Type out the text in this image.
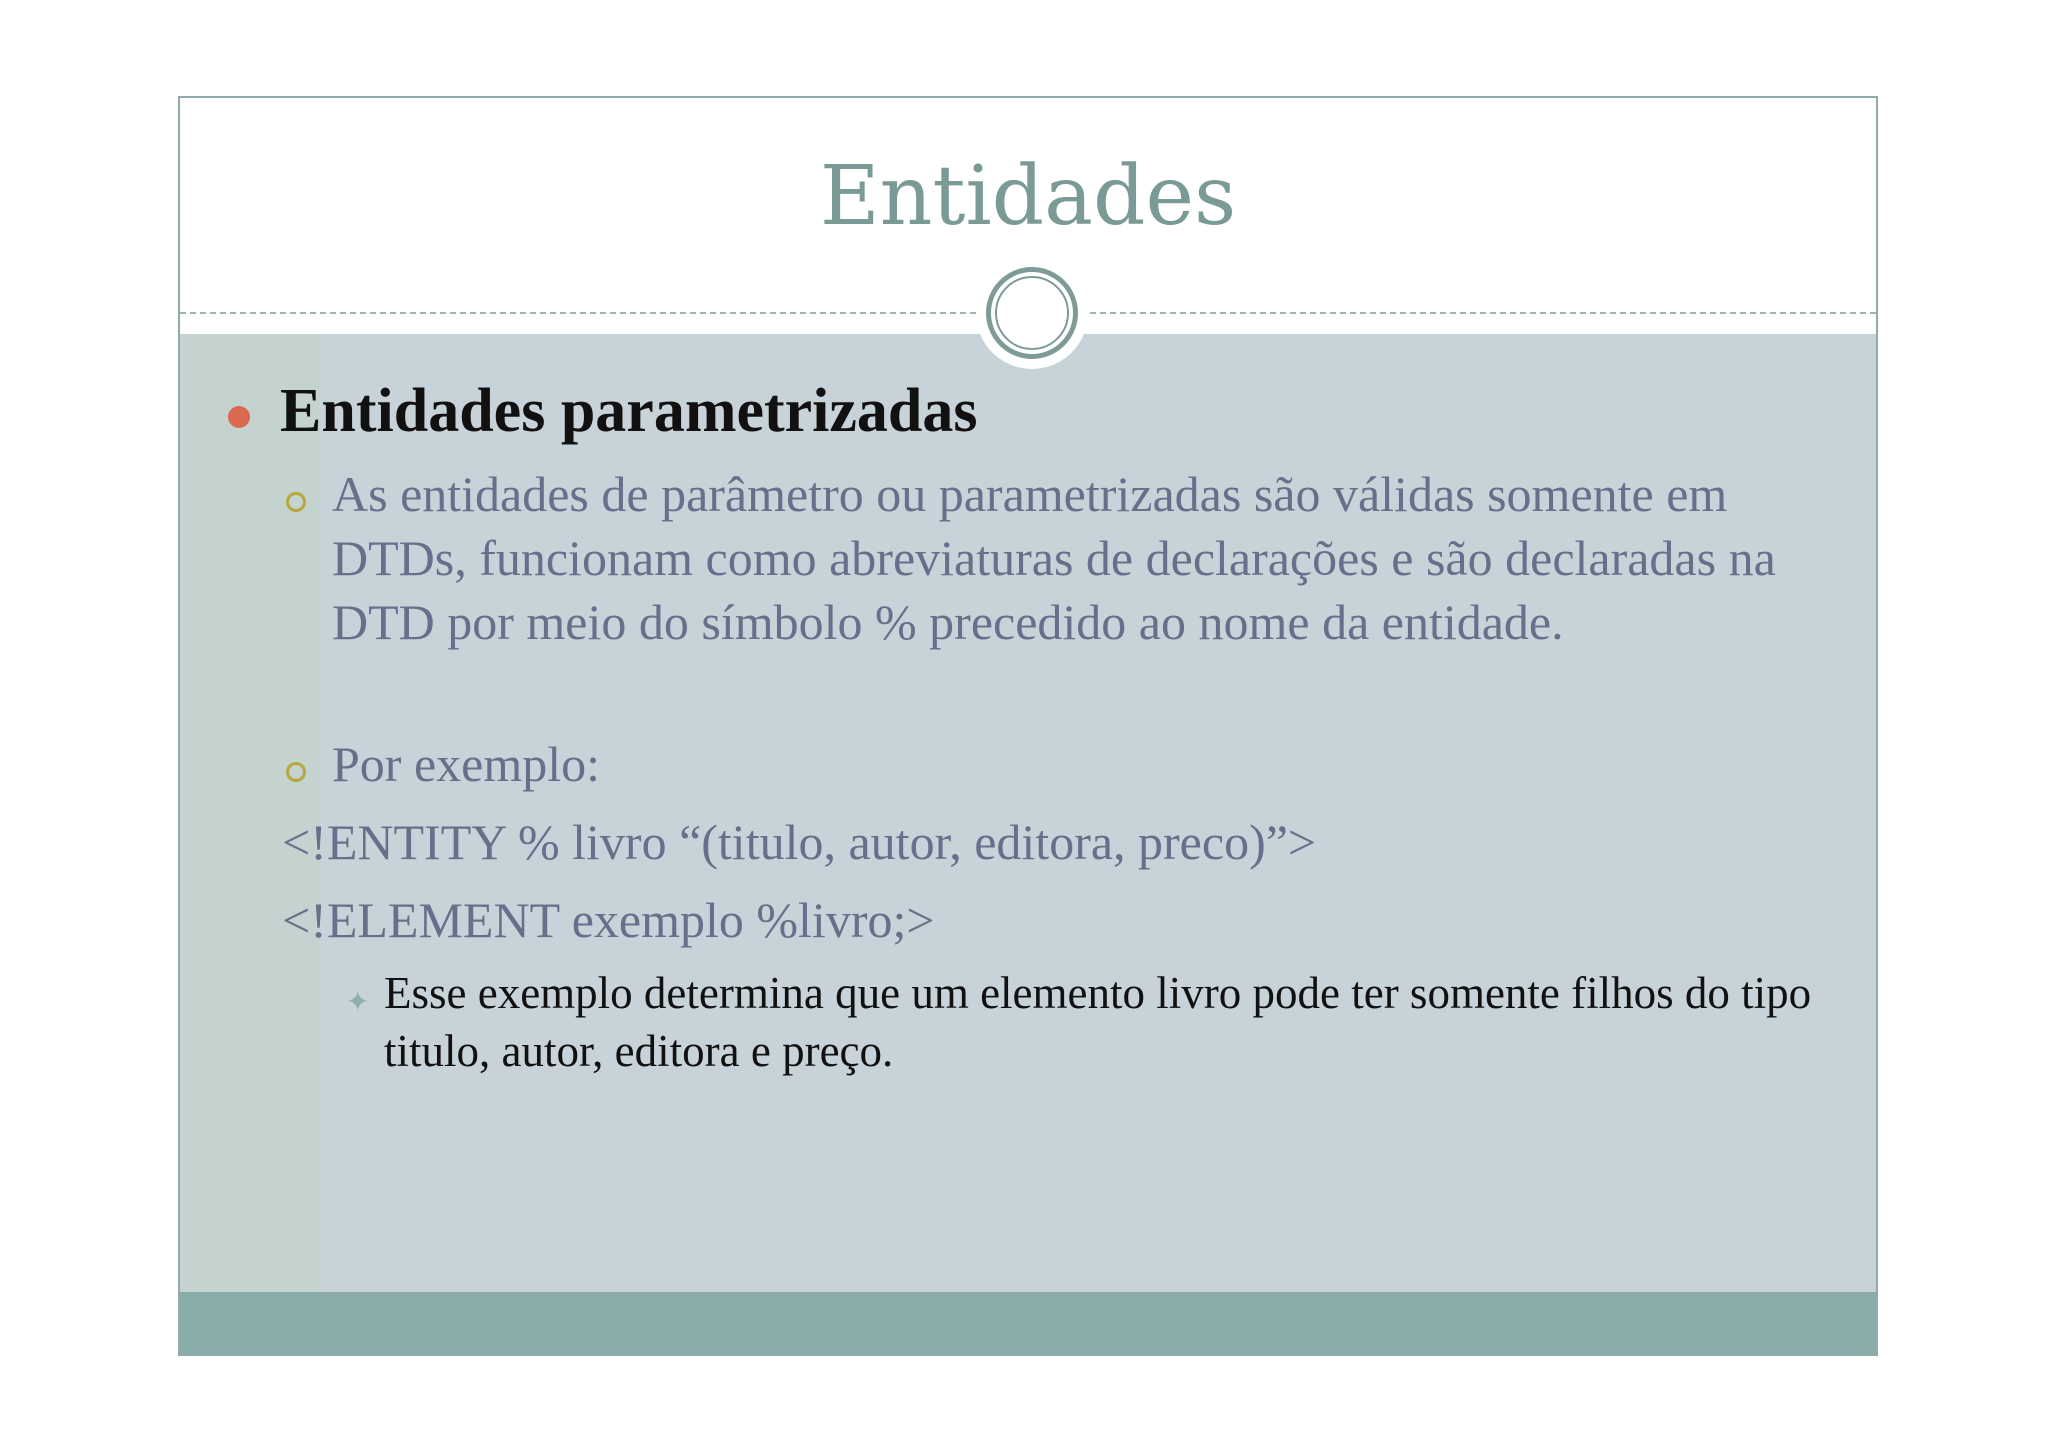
Entidades
Entidades parametrizadas
As entidades de parâmetro ou parametrizadas são válidas somente em DTDs, funcionam como abreviaturas de declarações e são declaradas na DTD por meio do símbolo % precedido ao nome da entidade.
Por exemplo:
<!ENTITY % livro “(titulo, autor, editora, preco)”>
<!ELEMENT exemplo %livro;>
✦ Esse exemplo determina que um elemento livro pode ter somente filhos do tipo titulo, autor, editora e preço.
